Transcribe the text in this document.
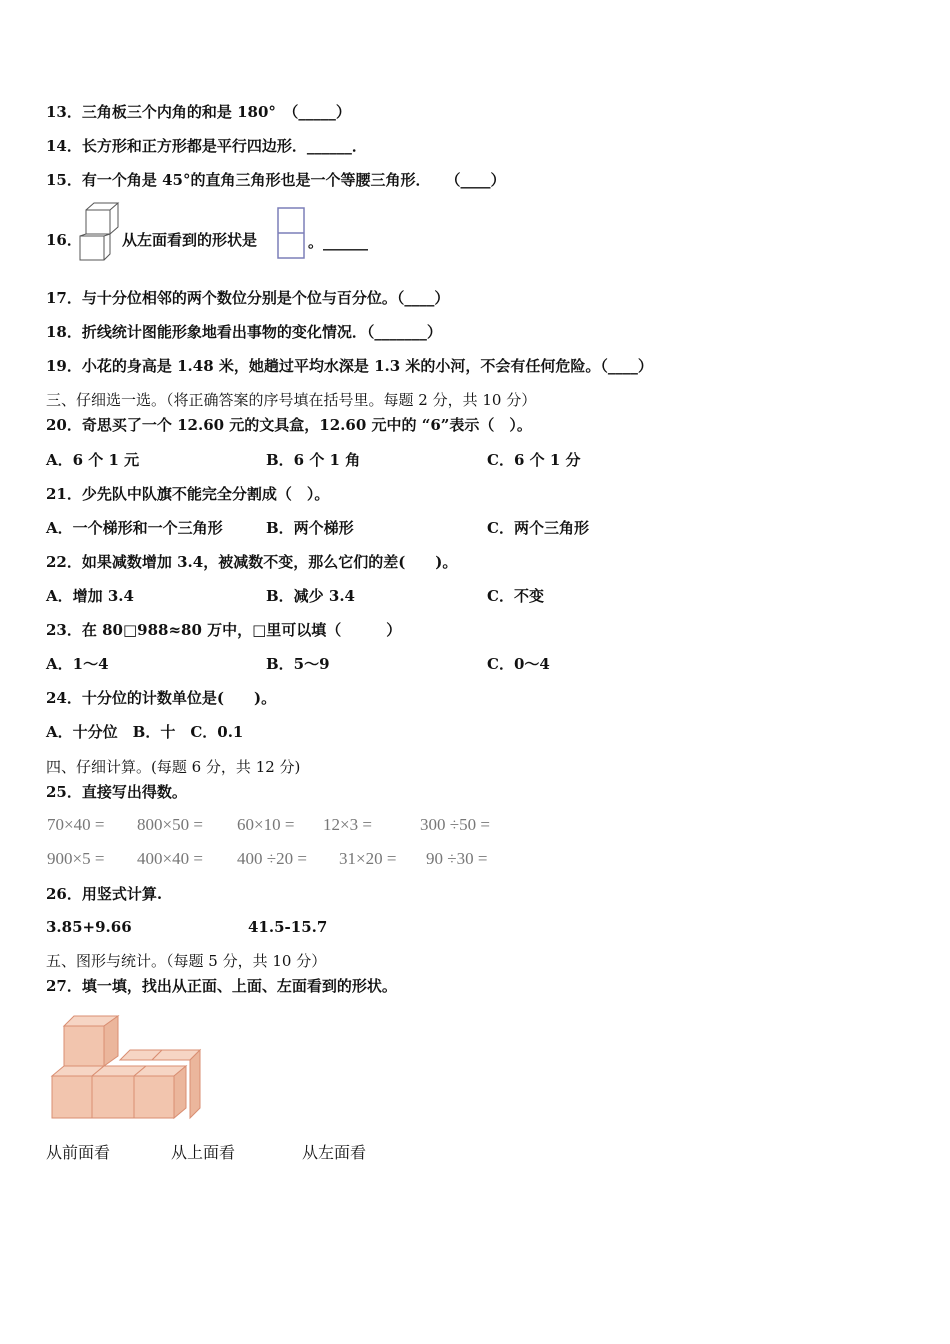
13．三角板三个内角的和是 180°　（_____）
14．长方形和正方形都是平行四边形．______．
15．有一个角是 45°的直角三角形也是一个等腰三角形．　　（____）
16．	从左面看到的形状是	。______
17．与十分位相邻的两个数位分别是个位与百分位。（____）
18．折线统计图能形象地看出事物的变化情况．（_______）
19．小花的身高是 1.48 米，她趟过平均水深是 1.3 米的小河，不会有任何危险。（____）
三、仔细选一选。（将正确答案的序号填在括号里。每题 2 分，共 10 分）
20．奇思买了一个 12.60 元的文具盒，12.60 元中的 “6”表示（　）。
A．6 个 1 元	B．6 个 1 角	C．6 个 1 分
21．少先队中队旗不能完全分割成（　）。
A．一个梯形和一个三角形	B．两个梯形	C．两个三角形
22．如果减数增加 3.4，被减数不变，那么它们的差(　　)。
A．增加 3.4	B．减少 3.4	C．不变
23．在 80□988≈80 万中，□里可以填（　　　）
A．1～4	B．5～9	C．0～4
24．十分位的计数单位是(　　)。
A．十分位　B．十　C．0.1
四、仔细计算。(每题 6 分，共 12 分)
25．直接写出得数。
70×40 = 800×50 = 60×10 = 12×3 =	300 ÷50 =
900×5 = 400×40 = 400 ÷20 = 31×20 = 90 ÷30 =
26．用竖式计算.
3.85+9.66	41.5-15.7
五、图形与统计。（每题 5 分，共 10 分）
27．填一填，找出从正面、上面、左面看到的形状。
从前面看	从上面看	从左面看
